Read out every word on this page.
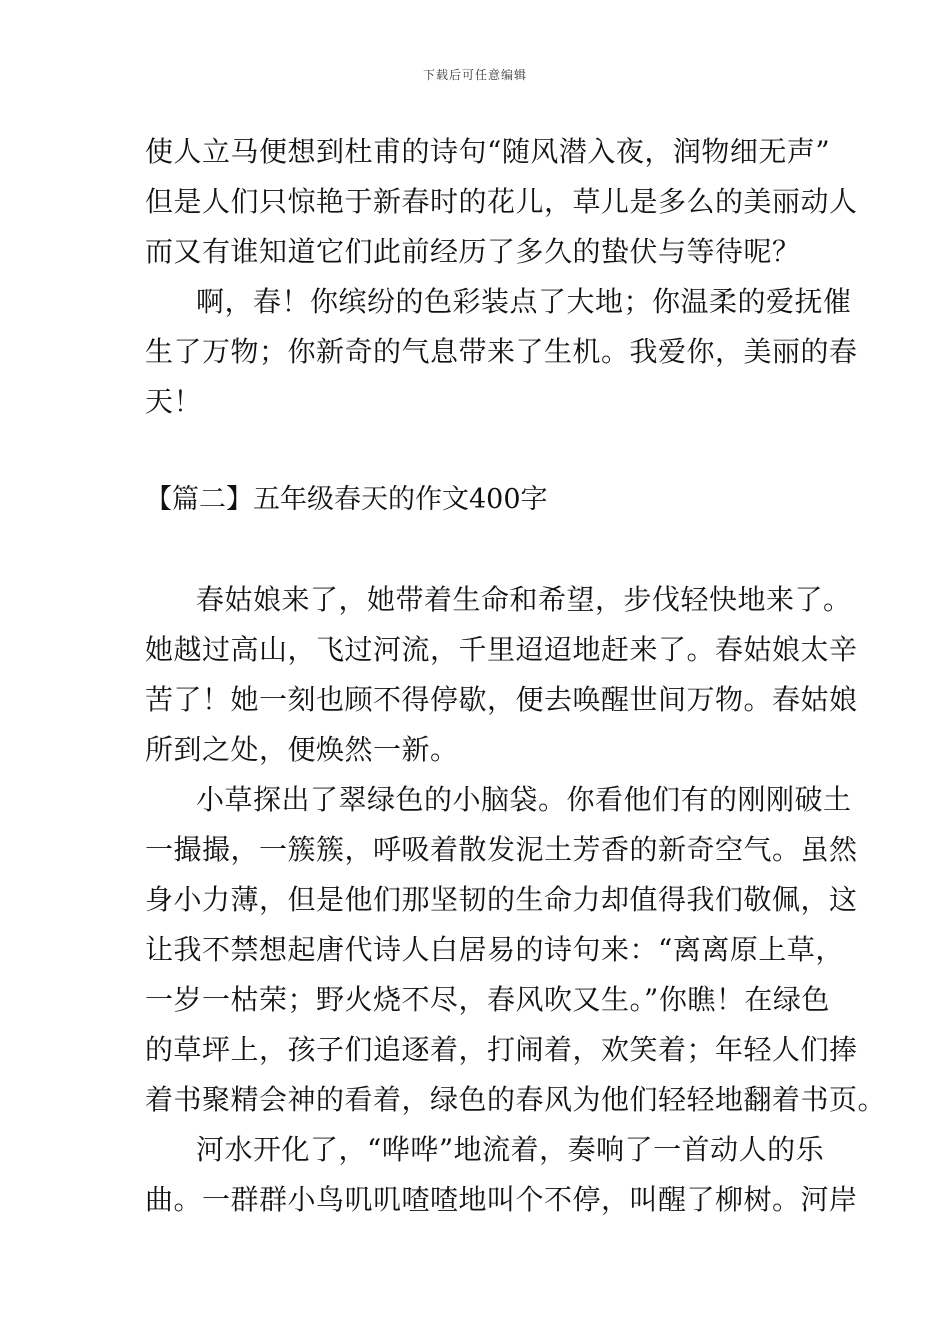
下载后可任意编辑
使人立马便想到杜甫的诗句“随风潜入夜，润物细无声”
但是人们只惊艳于新春时的花儿，草儿是多么的美丽动人
而又有谁知道它们此前经历了多久的蛰伏与等待呢？
啊，春！你缤纷的色彩装点了大地；你温柔的爱抚催
生了万物；你新奇的气息带来了生机。我爱你，美丽的春
天！
【篇二】五年级春天的作文400字
春姑娘来了，她带着生命和希望，步伐轻快地来了。
她越过高山，飞过河流，千里迢迢地赶来了。春姑娘太辛
苦了！她一刻也顾不得停歇，便去唤醒世间万物。春姑娘
所到之处，便焕然一新。
小草探出了翠绿色的小脑袋。你看他们有的刚刚破土
一撮撮，一簇簇，呼吸着散发泥土芳香的新奇空气。虽然
身小力薄，但是他们那坚韧的生命力却值得我们敬佩，这
让我不禁想起唐代诗人白居易的诗句来：“离离原上草，
一岁一枯荣；野火烧不尽，春风吹又生。”你瞧！在绿色
的草坪上，孩子们追逐着，打闹着，欢笑着；年轻人们捧
着书聚精会神的看着，绿色的春风为他们轻轻地翻着书页。
河水开化了，“哗哗”地流着，奏响了一首动人的乐
曲。一群群小鸟叽叽喳喳地叫个不停，叫醒了柳树。河岸
